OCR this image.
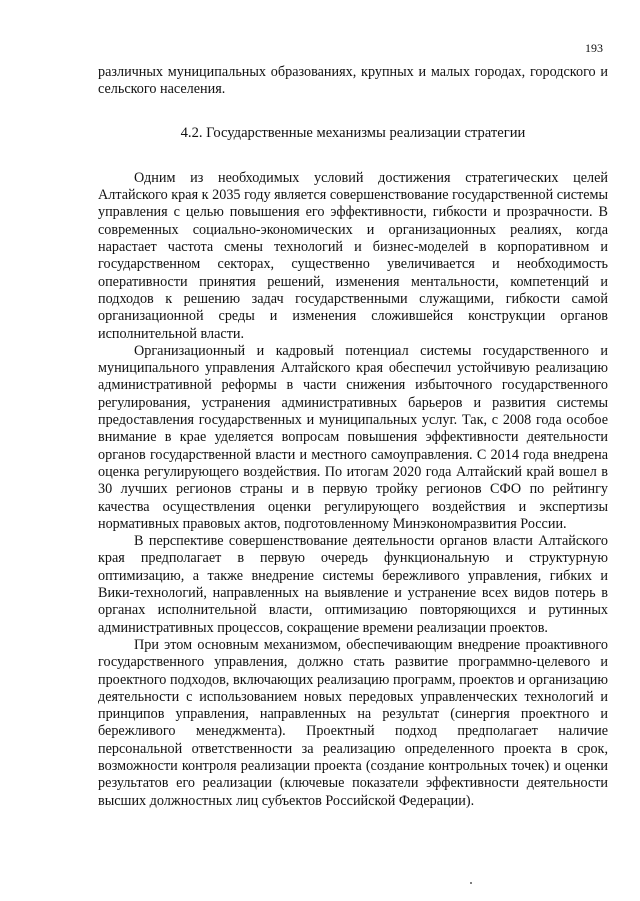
193

различных муниципальных образованиях, крупных и малых городах, городского и сельского населения.

4.2. Государственные механизмы реализации стратегии

Одним из необходимых условий достижения стратегических целей Алтайского края к 2035 году является совершенствование государственной системы управления с целью повышения его эффективности, гибкости и прозрачности. В современных социально-экономических и организационных реалиях, когда нарастает частота смены технологий и бизнес-моделей в корпоративном и государственном секторах, существенно увеличивается и необходимость оперативности принятия решений, изменения ментальности, компетенций и подходов к решению задач государственными служащими, гибкости самой организационной среды и изменения сложившейся конструкции органов исполнительной власти.

Организационный и кадровый потенциал системы государственного и муниципального управления Алтайского края обеспечил устойчивую реализацию административной реформы в части снижения избыточного государственного регулирования, устранения административных барьеров и развития системы предоставления государственных и муниципальных услуг. Так, с 2008 года особое внимание в крае уделяется вопросам повышения эффективности деятельности органов государственной власти и местного самоуправления. С 2014 года внедрена оценка регулирующего воздействия. По итогам 2020 года Алтайский край вошел в 30 лучших регионов страны и в первую тройку регионов СФО по рейтингу качества осуществления оценки регулирующего воздействия и экспертизы нормативных правовых актов, подготовленному Минэкономразвития России.

В перспективе совершенствование деятельности органов власти Алтайского края предполагает в первую очередь функциональную и структурную оптимизацию, а также внедрение системы бережливого управления, гибких и Вики-технологий, направленных на выявление и устранение всех видов потерь в органах исполнительной власти, оптимизацию повторяющихся и рутинных административных процессов, сокращение времени реализации проектов.

При этом основным механизмом, обеспечивающим внедрение проактивного государственного управления, должно стать развитие программно-целевого и проектного подходов, включающих реализацию программ, проектов и организацию деятельности с использованием новых передовых управленческих технологий и принципов управления, направленных на результат (синергия проектного и бережливого менеджмента). Проектный подход предполагает наличие персональной ответственности за реализацию определенного проекта в срок, возможности контроля реализации проекта (создание контрольных точек) и оценки результатов его реализации (ключевые показатели эффективности деятельности высших должностных лиц субъектов Российской Федерации).
